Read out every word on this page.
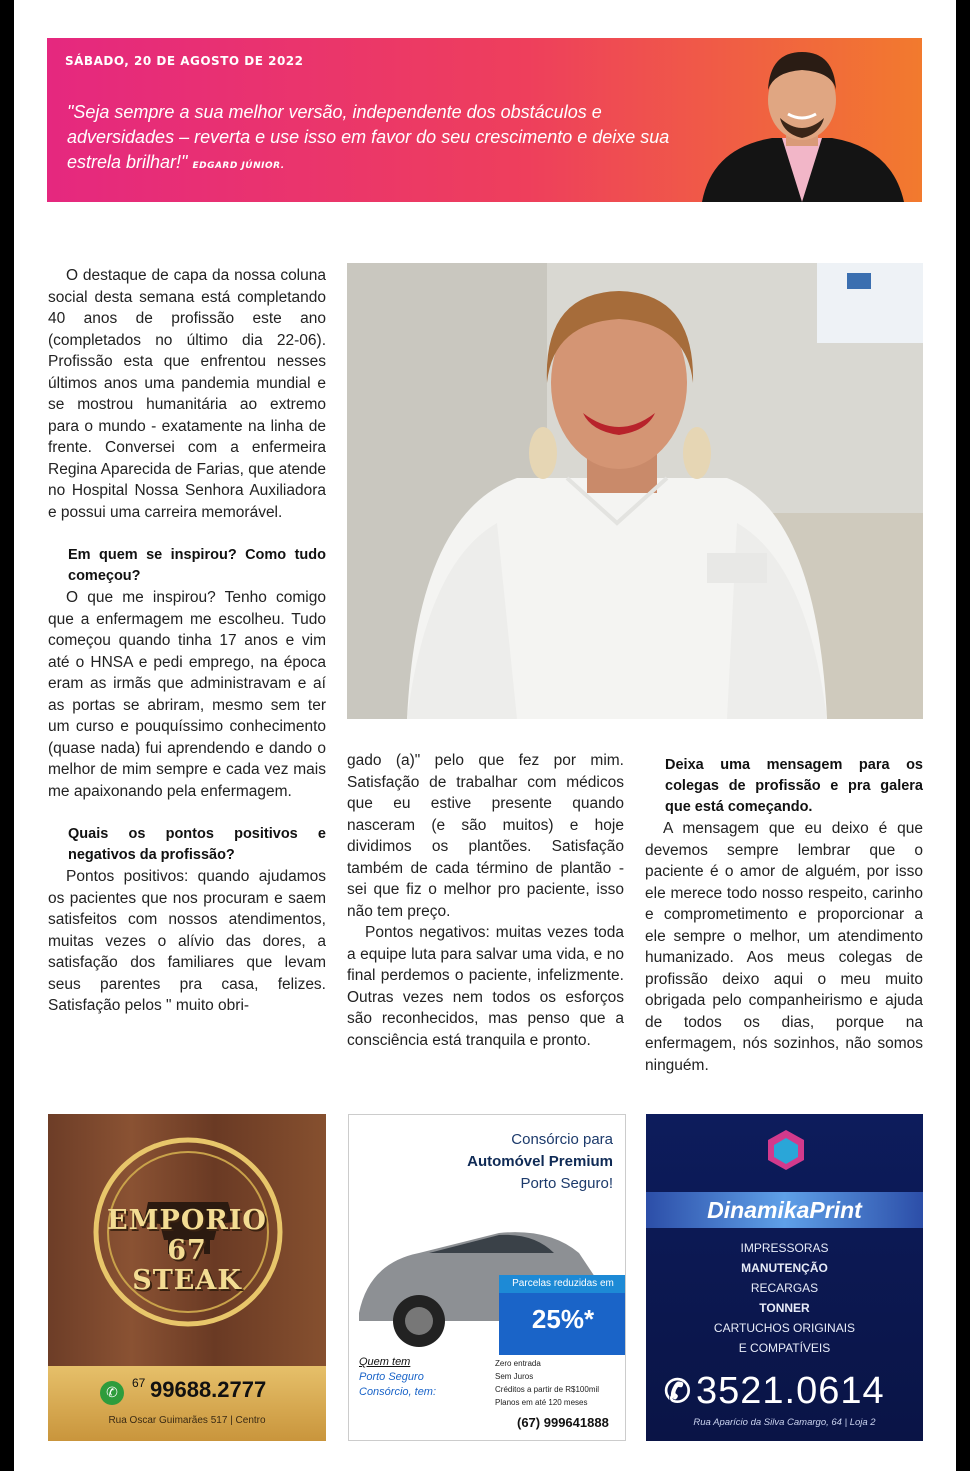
SÁBADO, 20 DE AGOSTO DE 2022
"Seja sempre a sua melhor versão, independente dos obstáculos e adversidades – reverta e use isso em favor do seu crescimento e deixe sua estrela brilhar!" EDGARD JÚNIOR.

O destaque de capa da nossa coluna social desta semana está completando 40 anos de profissão este ano (completados no último dia 22-06). Profissão esta que enfrentou nesses últimos anos uma pandemia mundial e se mostrou humanitária ao extremo para o mundo - exatamente na linha de frente. Conversei com a enfermeira Regina Aparecida de Farias, que atende no Hospital Nossa Senhora Auxiliadora e possui uma carreira memorável.

Em quem se inspirou? Como tudo começou?

O que me inspirou? Tenho comigo que a enfermagem me escolheu. Tudo começou quando tinha 17 anos e vim até o HNSA e pedi emprego, na época eram as irmãs que administravam e aí as portas se abriram, mesmo sem ter um curso e pouquíssimo conhecimento (quase nada) fui aprendendo e dando o melhor de mim sempre e cada vez mais me apaixonando pela enfermagem.

Quais os pontos positivos e negativos da profissão?

Pontos positivos: quando ajudamos os pacientes que nos procuram e saem satisfeitos com nossos atendimentos, muitas vezes o alívio das dores, a satisfação dos familiares que levam seus parentes pra casa, felizes. Satisfação pelos " muito obri-

gado (a)" pelo que fez por mim. Satisfação de trabalhar com médicos que eu estive presente quando nasceram (e são muitos) e hoje dividimos os plantões. Satisfação também de cada término de plantão - sei que fiz o melhor pro paciente, isso não tem preço.

Pontos negativos: muitas vezes toda a equipe luta para salvar uma vida, e no final perdemos o paciente, infelizmente. Outras vezes nem todos os esforços são reconhecidos, mas penso que a consciência está tranquila e pronto.

Deixa uma mensagem para os colegas de profissão e pra galera que está começando.

A mensagem que eu deixo é que devemos sempre lembrar que o paciente é o amor de alguém, por isso ele merece todo nosso respeito, carinho e comprometimento e proporcionar a ele sempre o melhor, um atendimento humanizado. Aos meus colegas de profissão deixo aqui o meu muito obrigada pelo companheirismo e ajuda de todos os dias, porque na enfermagem, nós sozinhos, não somos ninguém.

EMPORIO
67
STEAK
✆
67 99688.2777
Rua Oscar Guimarães 517 | Centro
Consórcio para
Automóvel Premium
Porto Seguro!
Parcelas reduzidas em
25%*
Quem tem
Porto Seguro
Consórcio, tem:
Zero entrada
Sem Juros
Créditos a partir de R$100mil
Planos em até 120 meses
(67) 999641888
DinamikaPrint
IMPRESSORAS
MANUTENÇÃO
RECARGAS
TONNER
CARTUCHOS ORIGINAIS
E COMPATÍVEIS
✆ 3521.0614
Rua Aparício da Silva Camargo, 64 | Loja 2
